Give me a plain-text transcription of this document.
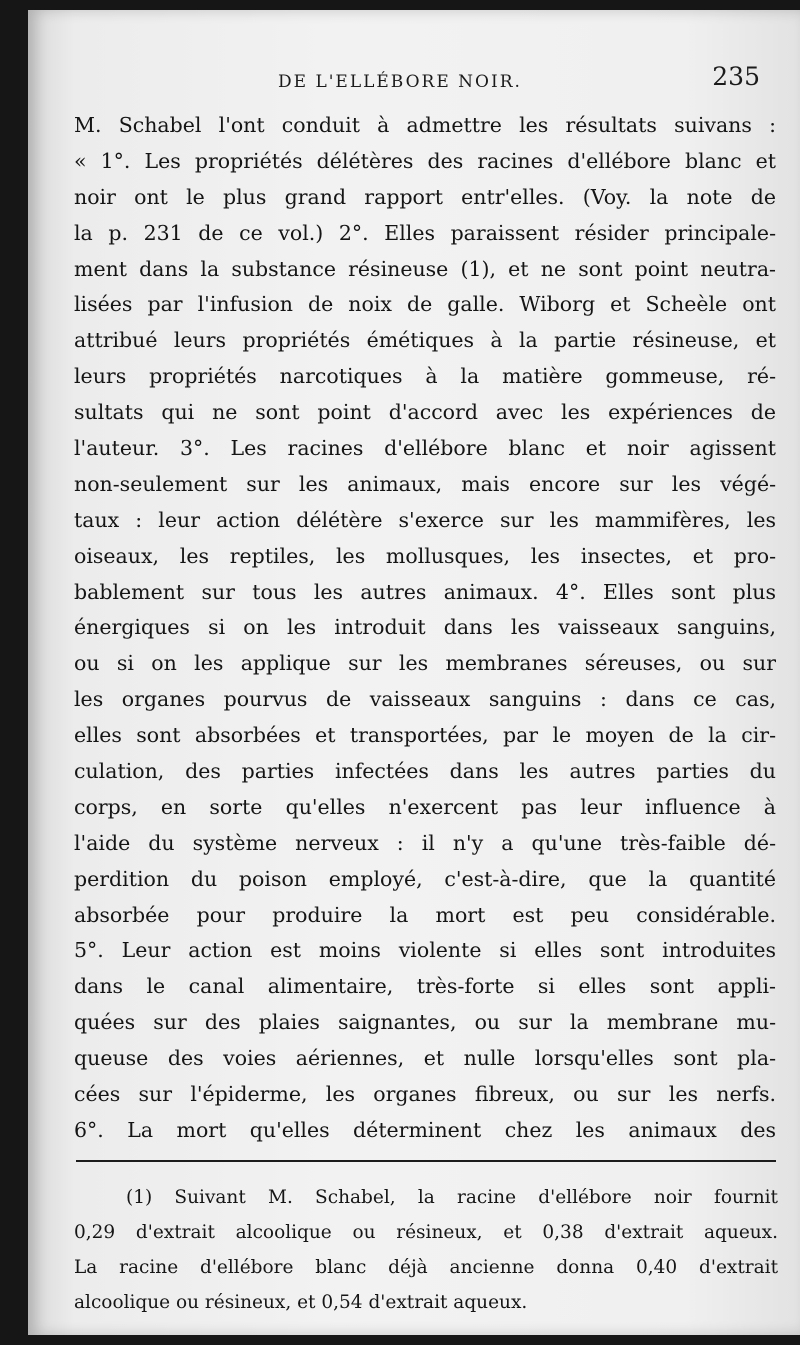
DE L'ELLÉBORE NOIR.	235
M. Schabel l'ont conduit à admettre les résultats suivans :
« 1°. Les propriétés délétères des racines d'ellébore blanc et
noir ont le plus grand rapport entr'elles. (Voy. la note de
la p. 231 de ce vol.) 2°. Elles paraissent résider principale-
ment dans la substance résineuse (1), et ne sont point neutra-
lisées par l'infusion de noix de galle. Wiborg et Scheèle ont
attribué leurs propriétés émétiques à la partie résineuse, et
leurs propriétés narcotiques à la matière gommeuse, ré-
sultats qui ne sont point d'accord avec les expériences de
l'auteur. 3°. Les racines d'ellébore blanc et noir agissent
non-seulement sur les animaux, mais encore sur les végé-
taux : leur action délétère s'exerce sur les mammifères, les
oiseaux, les reptiles, les mollusques, les insectes, et pro-
bablement sur tous les autres animaux. 4°. Elles sont plus
énergiques si on les introduit dans les vaisseaux sanguins,
ou si on les applique sur les membranes séreuses, ou sur
les organes pourvus de vaisseaux sanguins : dans ce cas,
elles sont absorbées et transportées, par le moyen de la cir-
culation, des parties infectées dans les autres parties du
corps, en sorte qu'elles n'exercent pas leur influence à
l'aide du système nerveux : il n'y a qu'une très-faible dé-
perdition du poison employé, c'est-à-dire, que la quantité
absorbée pour produire la mort est peu considérable.
5°. Leur action est moins violente si elles sont introduites
dans le canal alimentaire, très-forte si elles sont appli-
quées sur des plaies saignantes, ou sur la membrane mu-
queuse des voies aériennes, et nulle lorsqu'elles sont pla-
cées sur l'épiderme, les organes fibreux, ou sur les nerfs.
6°. La mort qu'elles déterminent chez les animaux des
(1) Suivant M. Schabel, la racine d'ellébore noir fournit
0,29 d'extrait alcoolique ou résineux, et 0,38 d'extrait aqueux.
La racine d'ellébore blanc déjà ancienne donna 0,40 d'extrait
alcoolique ou résineux, et 0,54 d'extrait aqueux.
